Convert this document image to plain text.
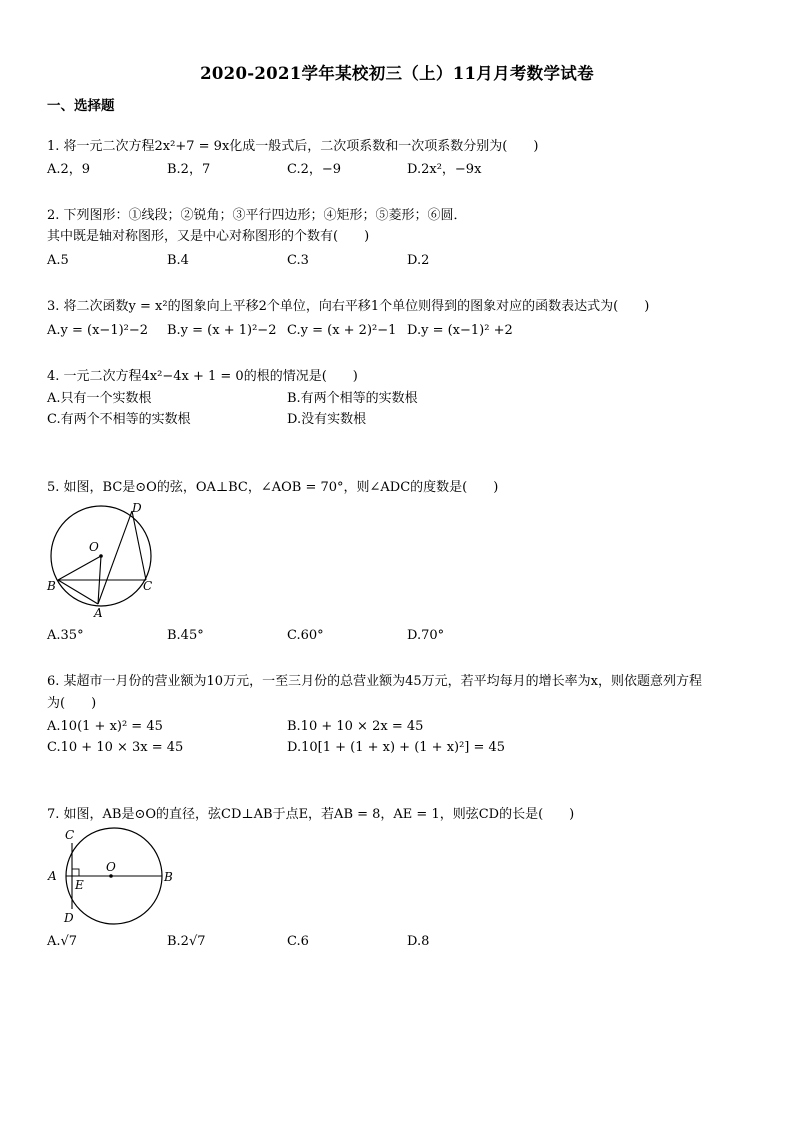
2020-2021学年某校初三（上）11月月考数学试卷
一、选择题
1. 将一元二次方程2x²+7 = 9x化成一般式后，二次项系数和一次项系数分别为(　　)
A.2，9	B.2，7	C.2，−9	D.2x²，−9x
2. 下列图形：①线段；②锐角；③平行四边形；④矩形；⑤菱形；⑥圆．
其中既是轴对称图形，又是中心对称图形的个数有(　　)
A.5	B.4	C.3	D.2
3. 将二次函数y = x²的图象向上平移2个单位，向右平移1个单位则得到的图象对应的函数表达式为(　　)
A.y = (x−1)²−2 B.y = (x + 1)²−2 C.y = (x + 2)²−1 D.y = (x−1)² +2
4. 一元二次方程4x²−4x + 1 = 0的根的情况是(　　)
A.只有一个实数根	B.有两个相等的实数根
C.有两个不相等的实数根	D.没有实数根
5. 如图，BC是⊙O的弦，OA⊥BC，∠AOB = 70°，则∠ADC的度数是(　　)
D
O
B	C
A
A.35°	B.45°	C.60°	D.70°
6. 某超市一月份的营业额为10万元，一至三月份的总营业额为45万元，若平均每月的增长率为x，则依题意列方程
为(　　)
A.10(1 + x)² = 45	B.10 + 10 × 2x = 45
C.10 + 10 × 3x = 45	D.10[1 + (1 + x) + (1 + x)²] = 45
7. 如图，AB是⊙O的直径，弦CD⊥AB于点E，若AB = 8，AE = 1，则弦CD的长是(　　)
C
A
E
O
B
D
A.√7	B.2√7	C.6	D.8
